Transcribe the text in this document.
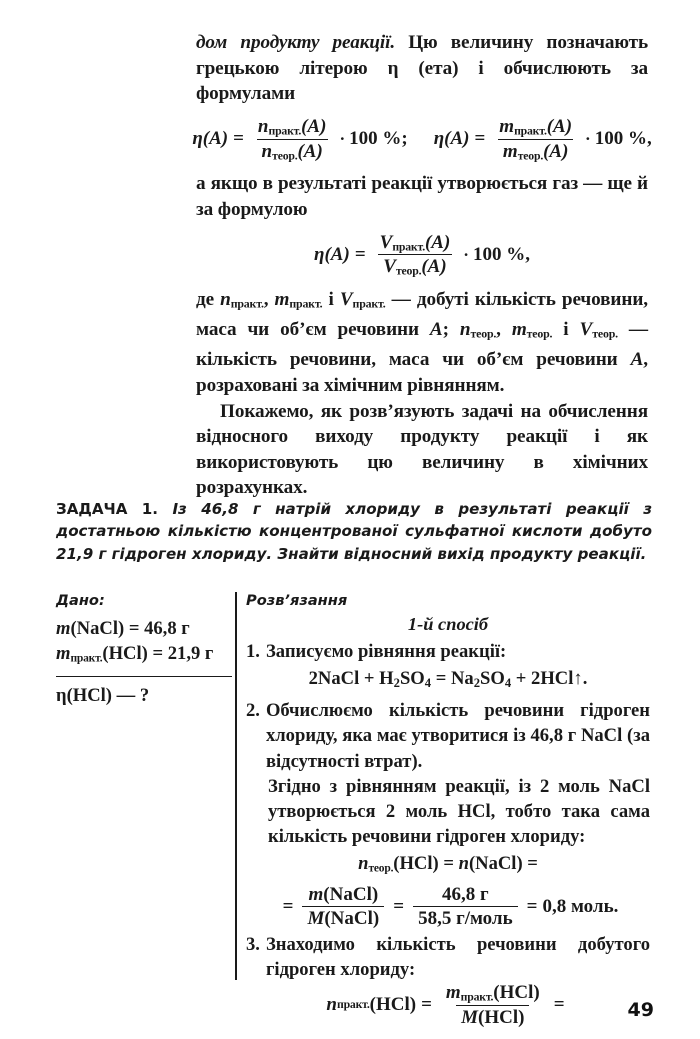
дом продукту реакції. Цю величину позначають грецькою літерою η (ета) і обчислюють за формулами
$\eta(A) = \frac{n_{практ.}(A)}{n_{теор.}(A)} \cdot 100$ % ; $\eta(A) = \frac{m_{практ.}(A)}{m_{теор.}(A)} \cdot 100$ % ,
а якщо в результаті реакції утворюється газ — ще й за формулою
$\eta(A) = \frac{V_{практ.}(A)}{V_{теор.}(A)} \cdot 100$ % ,
де $n_{практ.}$, $m_{практ.}$ і $V_{практ.}$ — добуті кількість речовини, маса чи об’єм речовини A; $n_{теор.}$, $m_{теор.}$ і $V_{теор.}$ — кількість речовини, маса чи об’єм речовини A, розраховані за хімічним рівнянням.
Покажемо, як розв’язують задачі на обчислення відносного виходу продукту реакції і як використовують цю величину в хімічних розрахунках.
ЗАДАЧА 1. Із 46,8 г натрій хлориду в результаті реакції з достатньою кількістю концентрованої сульфатної кислоти добуто 21,9 г гідроген хлориду. Знайти відносний вихід продукту реакції.
Дано:
m(NaCl) = 46,8 г
$m_{практ.}(HCl) = 21,9$ г
η(HCl) — ?
Розв’язання
1-й спосіб
1. Записуємо рівняння реакції:
2NaCl + $H_2SO_4 = Na_2SO_4$ + 2HCl↑.
2. Обчислюємо кількість речовини гідроген хлориду, яка має утворитися із 46,8 г NaCl (за відсутності втрат).
Згідно з рівнянням реакції, із 2 моль NaCl утворюється 2 моль HCl, тобто така сама кількість речовини гідроген хлориду:
$n_{теор.}(HCl)$ = n(NaCl) =
= $\frac{\text{m(NaCl)}}{\text{M(NaCl)}} = \frac{46,8 г}{\text{58,5 г/моль}} = 0,8$ моль.
3. Знаходимо кількість речовини добутого гідроген хлориду:
n практ. $(HCl) = \frac{m_{практ.}(HCl)}{\text{M(HCl)}}$ =	49
